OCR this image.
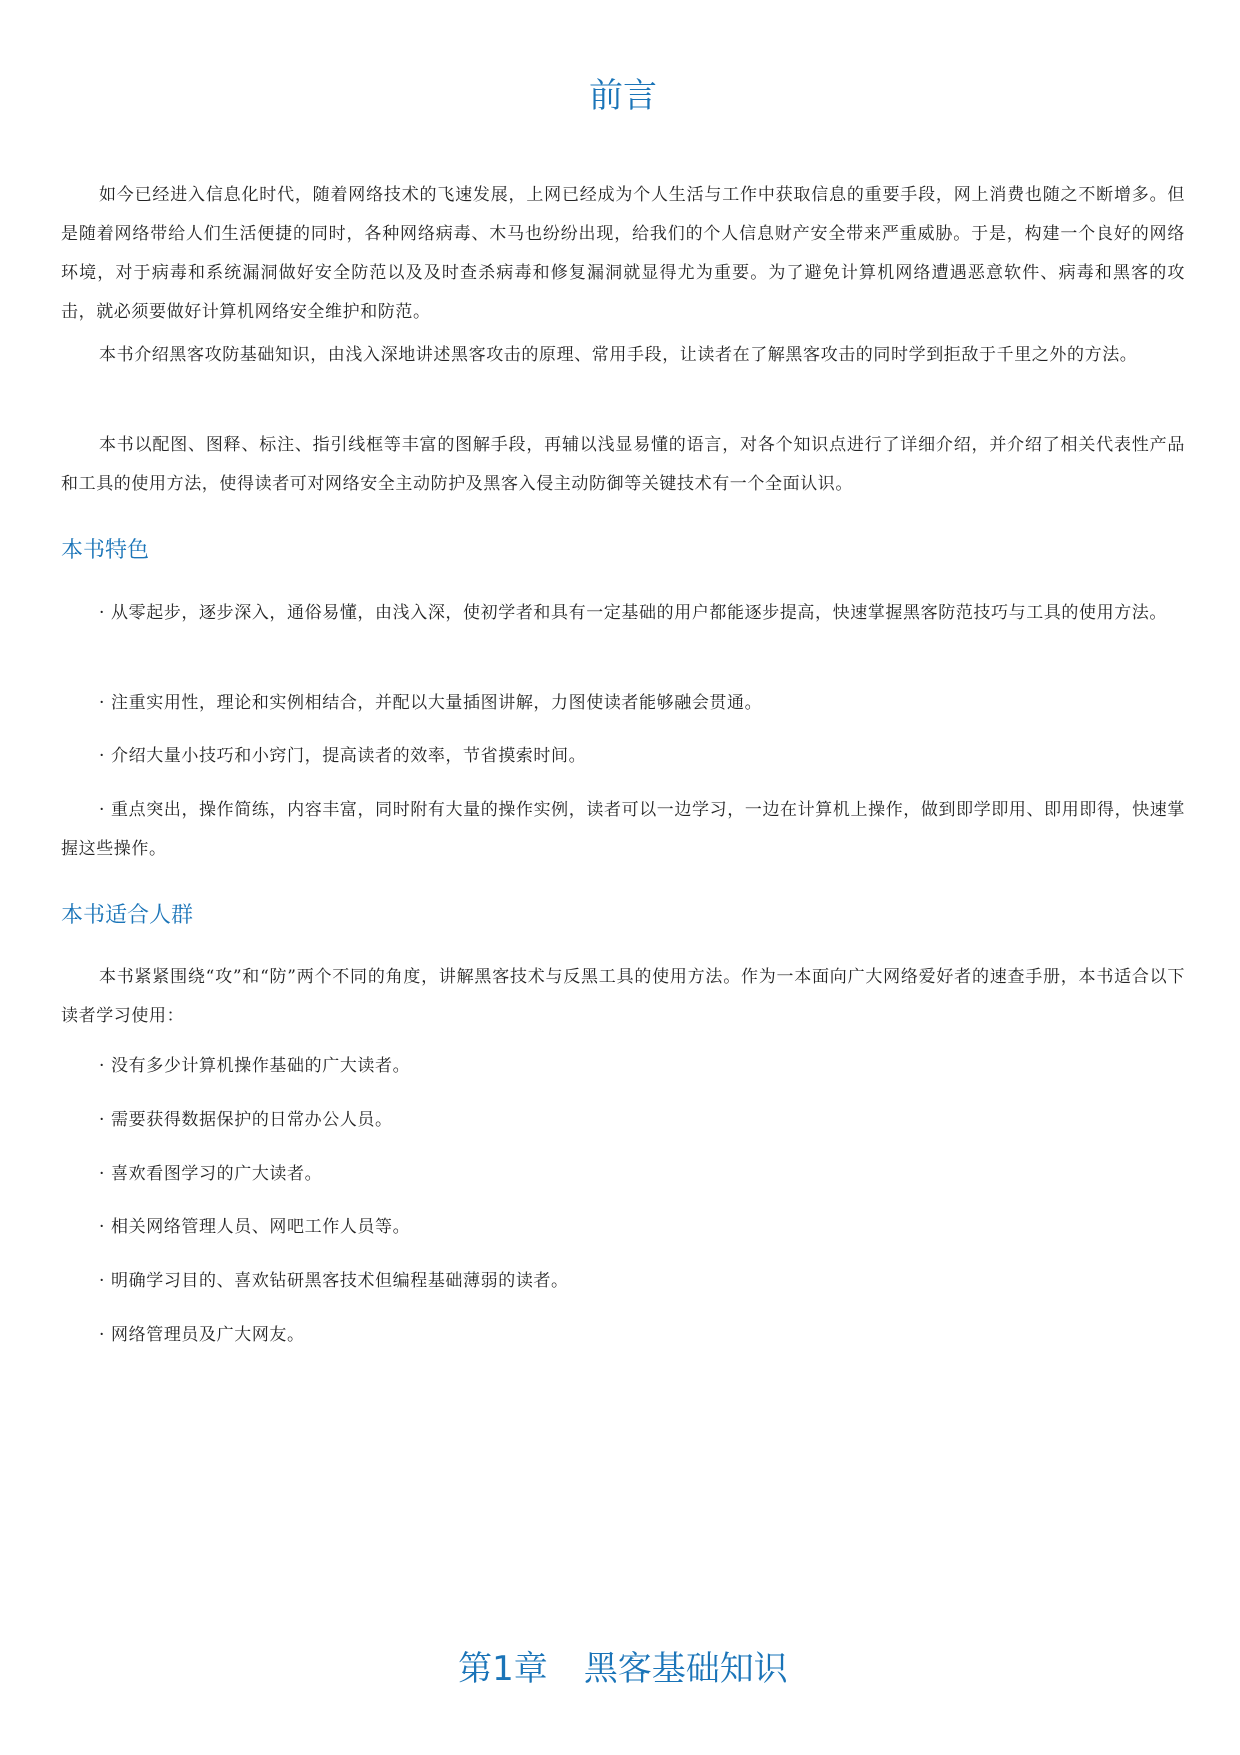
前言

如今已经进入信息化时代，随着网络技术的飞速发展，上网已经成为个人生活与工作中获取信息的重要手段，网上消费也随之不断增多。但是随着网络带给人们生活便捷的同时，各种网络病毒、木马也纷纷出现，给我们的个人信息财产安全带来严重威胁。于是，构建一个良好的网络环境，对于病毒和系统漏洞做好安全防范以及及时查杀病毒和修复漏洞就显得尤为重要。为了避免计算机网络遭遇恶意软件、病毒和黑客的攻击，就必须要做好计算机网络安全维护和防范。

本书介绍黑客攻防基础知识，由浅入深地讲述黑客攻击的原理、常用手段，让读者在了解黑客攻击的同时学到拒敌于千里之外的方法。

本书以配图、图释、标注、指引线框等丰富的图解手段，再辅以浅显易懂的语言，对各个知识点进行了详细介绍，并介绍了相关代表性产品和工具的使用方法，使得读者可对网络安全主动防护及黑客入侵主动防御等关键技术有一个全面认识。

本书特色

· 从零起步，逐步深入，通俗易懂，由浅入深，使初学者和具有一定基础的用户都能逐步提高，快速掌握黑客防范技巧与工具的使用方法。

· 注重实用性，理论和实例相结合，并配以大量插图讲解，力图使读者能够融会贯通。

· 介绍大量小技巧和小窍门，提高读者的效率，节省摸索时间。

· 重点突出，操作简练，内容丰富，同时附有大量的操作实例，读者可以一边学习，一边在计算机上操作，做到即学即用、即用即得，快速掌握这些操作。

本书适合人群

本书紧紧围绕“攻”和“防”两个不同的角度，讲解黑客技术与反黑工具的使用方法。作为一本面向广大网络爱好者的速查手册，本书适合以下读者学习使用：

· 没有多少计算机操作基础的广大读者。

· 需要获得数据保护的日常办公人员。

· 喜欢看图学习的广大读者。

· 相关网络管理人员、网吧工作人员等。

· 明确学习目的、喜欢钻研黑客技术但编程基础薄弱的读者。

· 网络管理员及广大网友。

第1章 黑客基础知识
